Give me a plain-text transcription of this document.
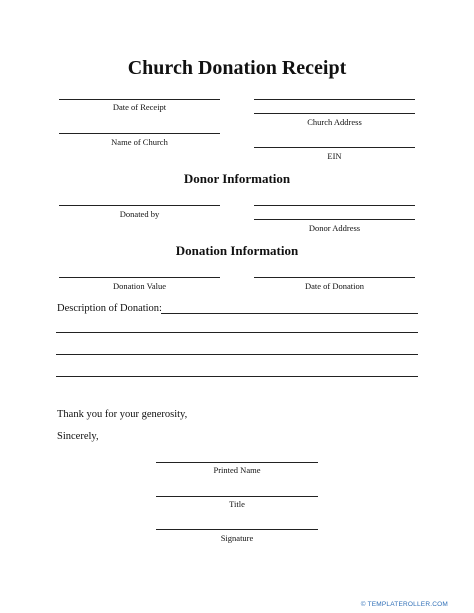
Church Donation Receipt
Date of Receipt
Church Address
Name of Church
EIN
Donor Information
Donated by
Donor Address
Donation Information
Donation Value	Date of Donation
Description of Donation:
Thank you for your generosity,
Sincerely,
Printed Name
Title
Signature
© TEMPLATEROLLER.COM
